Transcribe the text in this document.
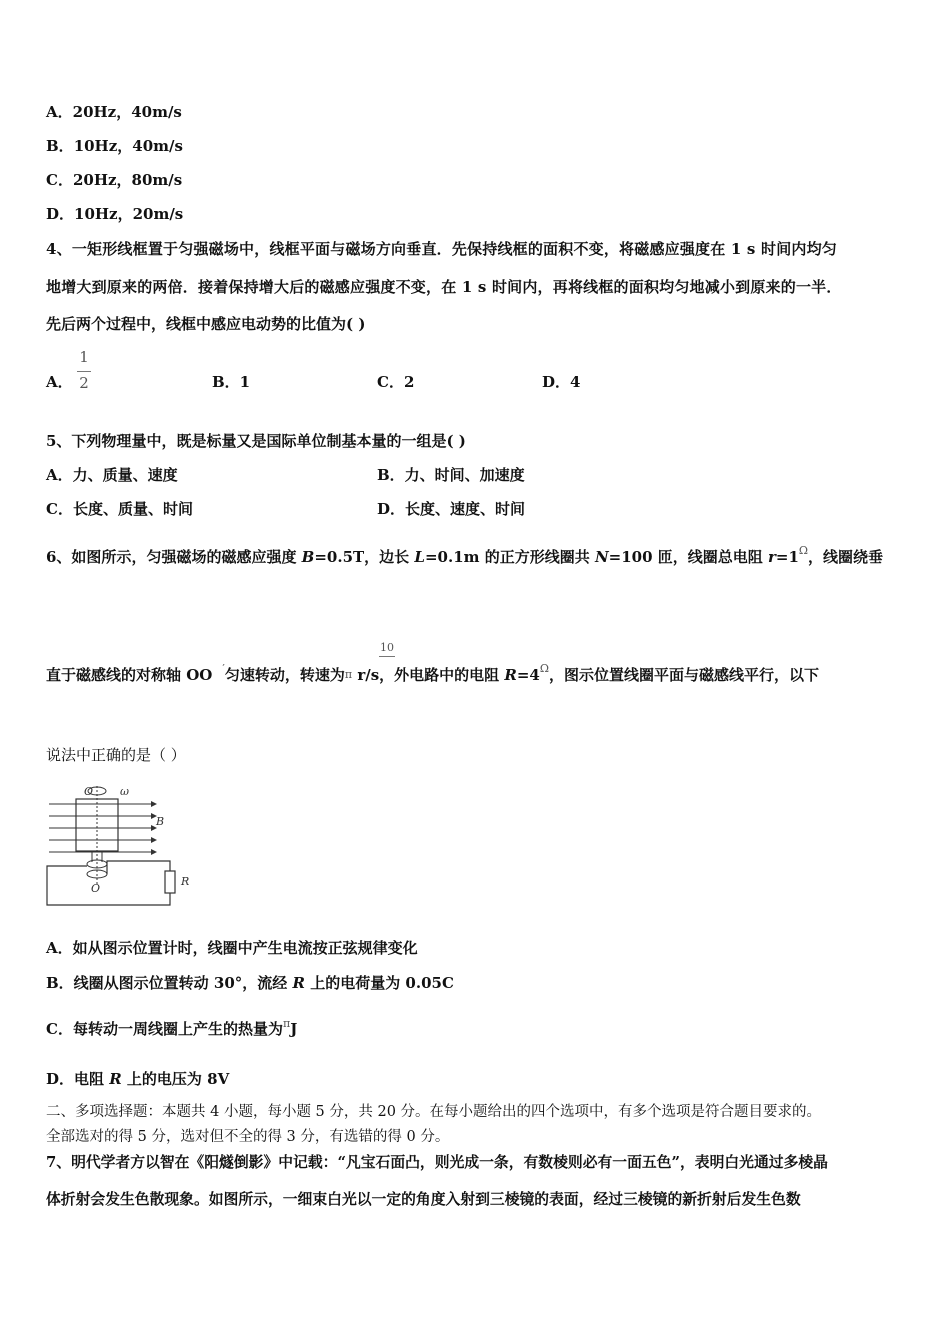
A．20Hz，40m/s
B．10Hz，40m/s
C．20Hz，80m/s
D．10Hz，20m/s
4、一矩形线框置于匀强磁场中，线框平面与磁场方向垂直．先保持线框的面积不变，将磁感应强度在 1 s 时间内均匀
地增大到原来的两倍．接着保持增大后的磁感应强度不变，在 1 s 时间内，再将线框的面积均匀地减小到原来的一半．
先后两个过程中，线框中感应电动势的比值为( )
A．
1
2	B．1	C．2	D．4
5、下列物理量中，既是标量又是国际单位制基本量的一组是( )
A．力、质量、速度	B．力、时间、加速度
C．长度、质量、时间	D．长度、速度、时间
6、如图所示，匀强磁场的磁感应强度 B=0.5T，边长 L=0.1m 的正方形线圈共 N=100 匝，线圈总电阻 $r=1^\Omega$，线圈绕垂
10
直于磁感线的对称轴 OO ′匀速转动，转速为π r/s，外电路中的电阻 $R=4^\Omega$，图示位置线圈平面与磁感线平行，以下
说法中正确的是（ ）
O ω
B
O
R
A．如从图示位置计时，线圈中产生电流按正弦规律变化
B．线圈从图示位置转动 30°，流经 R 上的电荷量为 0.05C
C．每转动一周线圈上产生的热量为$^\pi$J
D．电阻 R 上的电压为 8V
二、多项选择题：本题共 4 小题，每小题 5 分，共 20 分。在每小题给出的四个选项中，有多个选项是符合题目要求的。
全部选对的得 5 分，选对但不全的得 3 分，有选错的得 0 分。
7、明代学者方以智在《阳燧倒影》中记载：“凡宝石面凸，则光成一条，有数棱则必有一面五色”，表明白光通过多棱晶
体折射会发生色散现象。如图所示，一细束白光以一定的角度入射到三棱镜的表面，经过三棱镜的新折射后发生色数
